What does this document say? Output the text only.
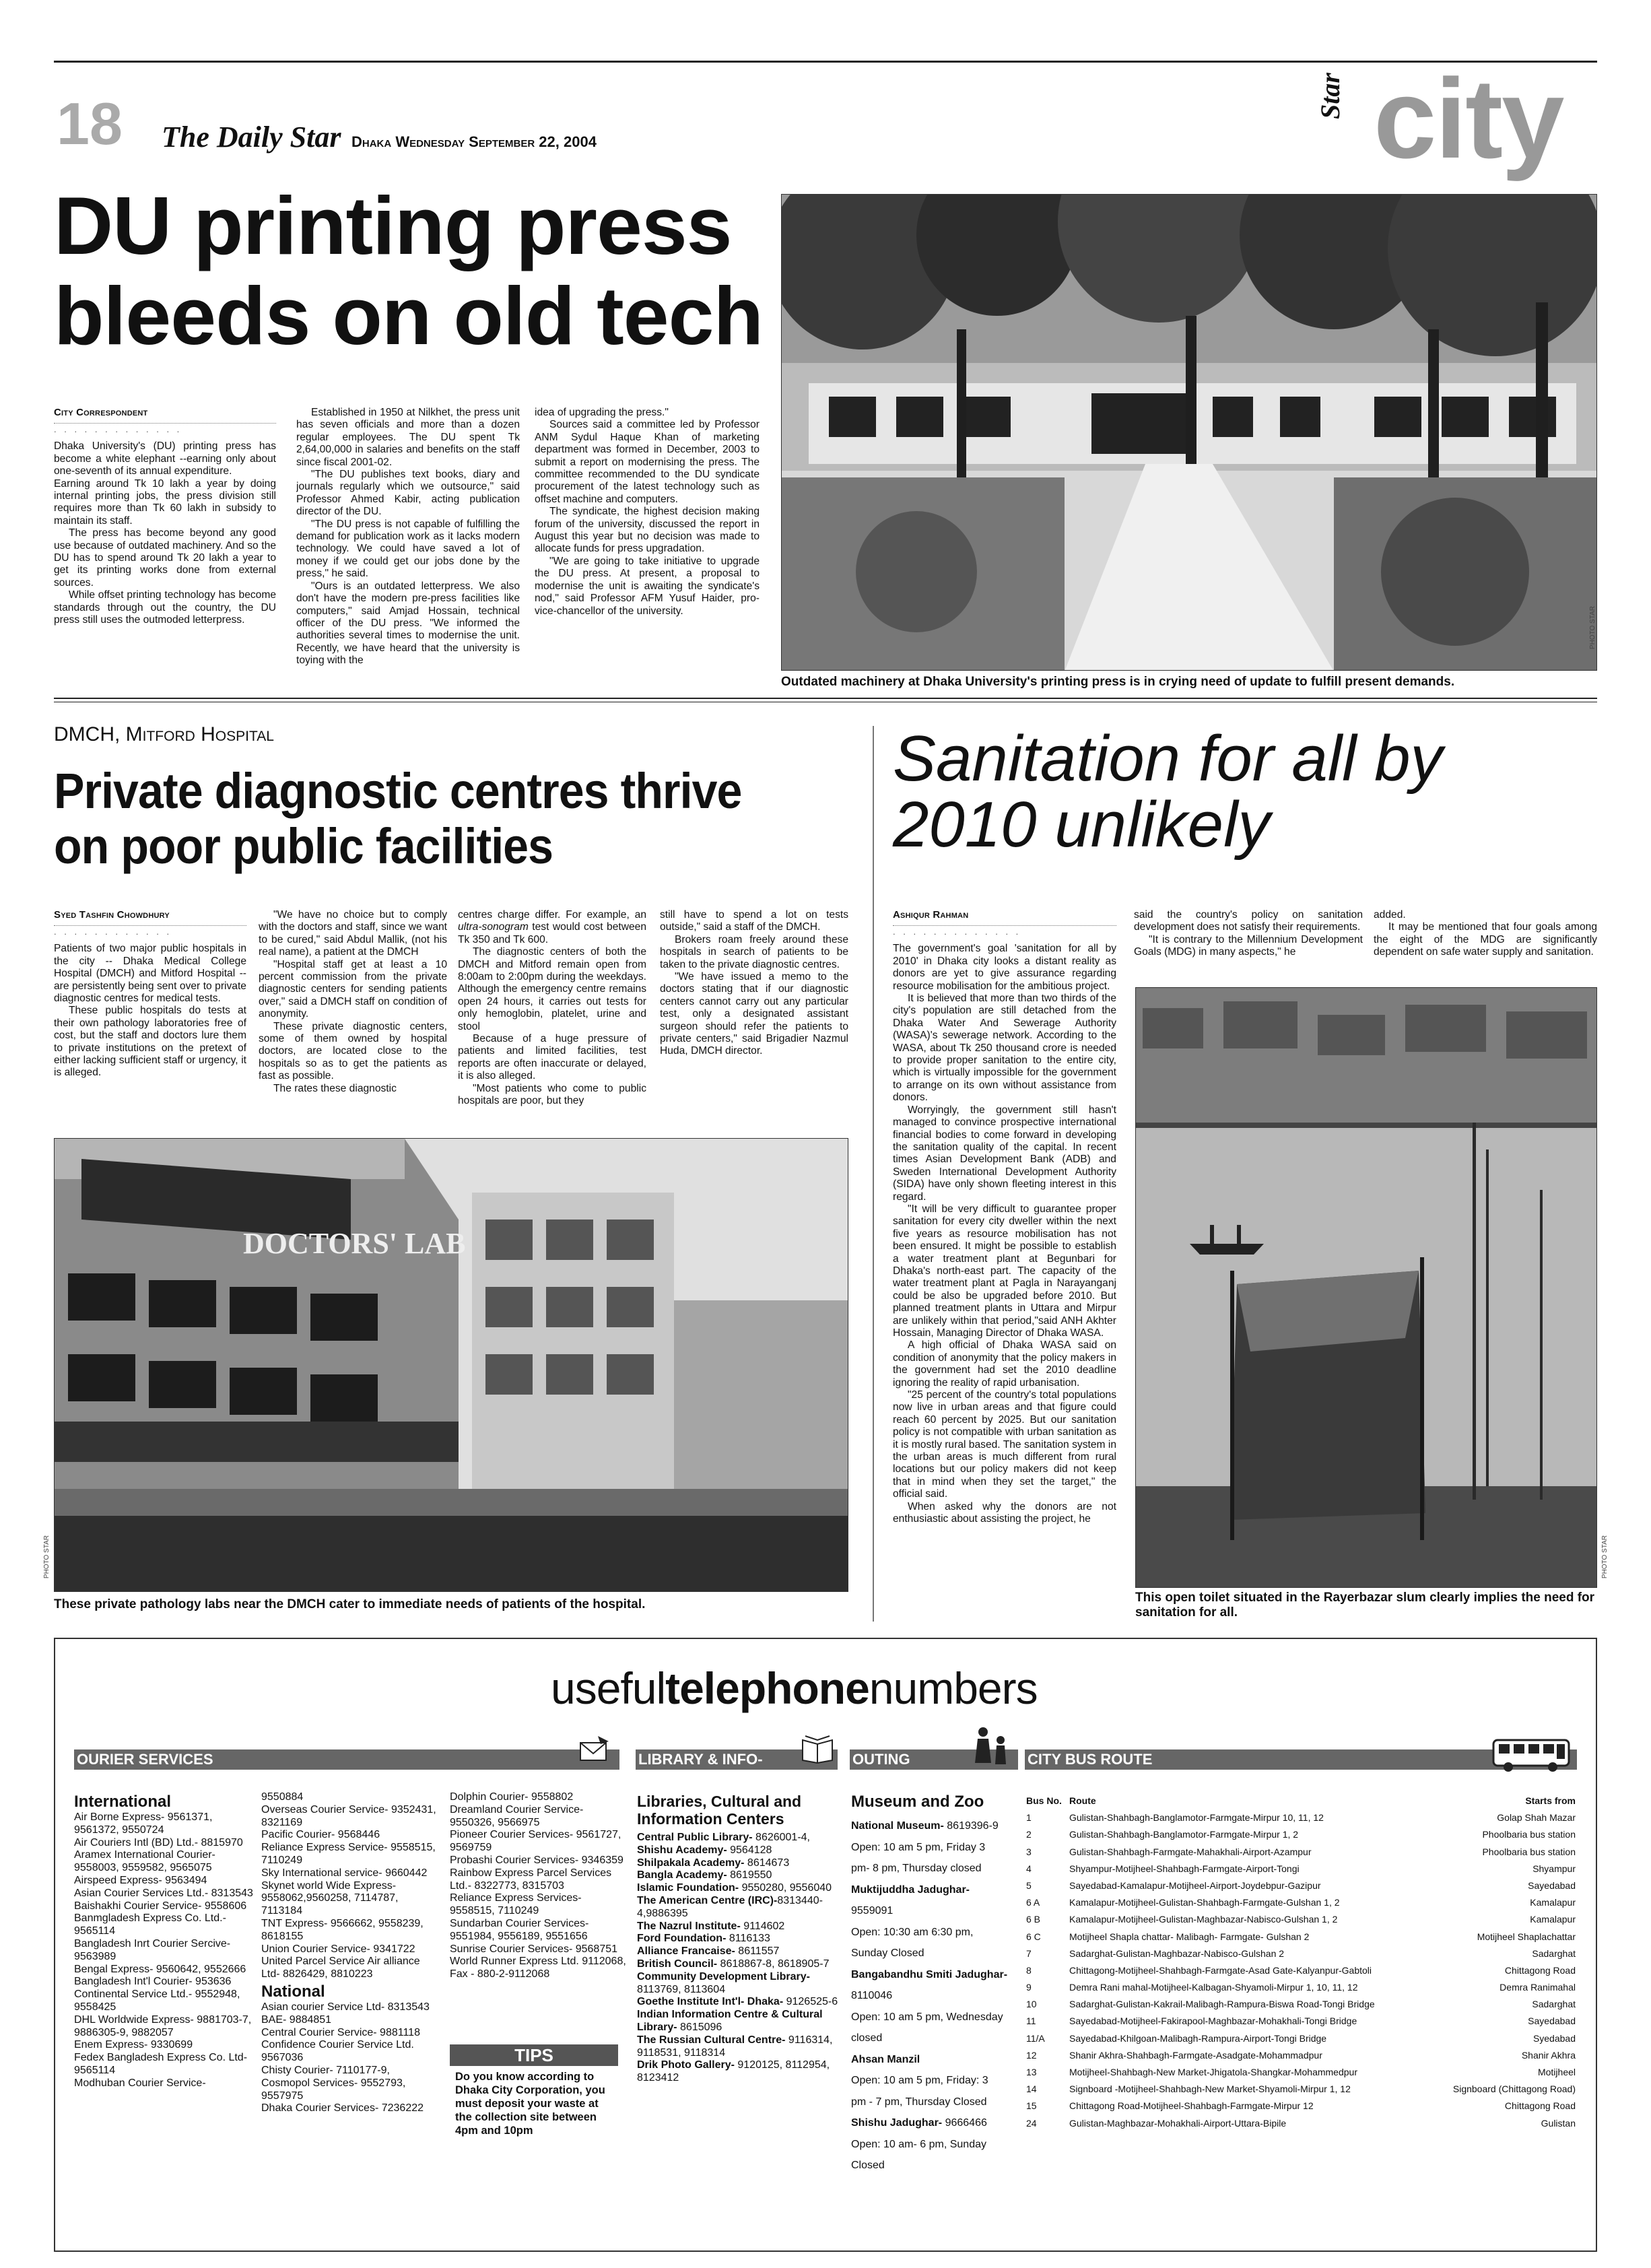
18 The Daily Star Dhaka Wednesday September 22, 2004
Star city
DU printing press
bleeds on old tech
City Correspondent
. . . . . . . . . . . . .

Dhaka University's (DU) printing press has become a white elephant --earning only about one-seventh of its annual expenditure.

Earning around Tk 10 lakh a year by doing internal printing jobs, the press division still requires more than Tk 60 lakh in subsidy to maintain its staff.

The press has become beyond any good use because of outdated machinery. And so the DU has to spend around Tk 20 lakh a year to get its printing works done from external sources.

While offset printing technology has become standards through out the country, the DU press still uses the outmoded letterpress.

Established in 1950 at Nilkhet, the press unit has seven officials and more than a dozen regular employees. The DU spent Tk 2,64,00,000 in salaries and benefits on the staff since fiscal 2001-02.

"The DU publishes text books, diary and journals regularly which we outsource," said Professor Ahmed Kabir, acting publication director of the DU.

"The DU press is not capable of fulfilling the demand for publication work as it lacks modern technology. We could have saved a lot of money if we could get our jobs done by the press," he said.

"Ours is an outdated letterpress. We also don't have the modern pre-press facilities like computers," said Amjad Hossain, technical officer of the DU press. "We informed the authorities several times to modernise the unit. Recently, we have heard that the university is toying with the

idea of upgrading the press."

Sources said a committee led by Professor ANM Sydul Haque Khan of marketing department was formed in December, 2003 to submit a report on modernising the press. The committee recommended to the DU syndicate procurement of the latest technology such as offset machine and computers.

The syndicate, the highest decision making forum of the university, discussed the report in August this year but no decision was made to allocate funds for press upgradation.

"We are going to take initiative to upgrade the DU press. At present, a proposal to modernise the unit is awaiting the syndicate's nod," said Professor AFM Yusuf Haider, pro-vice-chancellor of the university.	PHOTO STAR
Outdated machinery at Dhaka University's printing press is in crying need of update to fulfill present demands.
DMCH, Mitford Hospital
Private diagnostic centres thrive
on poor public facilities
Syed Tashfin Chowdhury
. . . . . . . . . . . .

Patients of two major public hospitals in the city -- Dhaka Medical College Hospital (DMCH) and Mitford Hospital -- are persistently being sent over to private diagnostic centres for medical tests.

These public hospitals do tests at their own pathology laboratories free of cost, but the staff and doctors lure them to private institutions on the pretext of either lacking sufficient staff or urgency, it is alleged.

"We have no choice but to comply with the doctors and staff, since we want to be cured," said Abdul Mallik, (not his real name), a patient at the DMCH

"Hospital staff get at least a 10 percent commission from the private diagnostic centers for sending patients over," said a DMCH staff on condition of anonymity.

These private diagnostic centers, some of them owned by hospital doctors, are located close to the hospitals so as to get the patients as fast as possible.

The rates these diagnostic

centres charge differ. For example, an ultra-sonogram test would cost between Tk 350 and Tk 600.

The diagnostic centers of both the DMCH and Mitford remain open from 8:00am to 2:00pm during the weekdays. Although the emergency centre remains open 24 hours, it carries out tests for only hemoglobin, platelet, urine and stool

Because of a huge pressure of patients and limited facilities, test reports are often inaccurate or delayed, it is also alleged.

"Most patients who come to public hospitals are poor, but they

still have to spend a lot on tests outside," said a staff of the DMCH.

Brokers roam freely around these hospitals in search of patients to be taken to the private diagnostic centres.

"We have issued a memo to the doctors stating that if our diagnostic centers cannot carry out any particular test, only a designated assistant surgeon should refer the patients to private centers," said Brigadier Nazmul Huda, DMCH director.

DOCTORS' LAB
PHOTO STAR
These private pathology labs near the DMCH cater to immediate needs of patients of the hospital.
Sanitation for all by
2010 unlikely
Ashiqur Rahman
. . . . . . . . . . . . .

The government's goal 'sanitation for all by 2010' in Dhaka city looks a distant reality as donors are yet to give assurance regarding resource mobilisation for the ambitious project.

It is believed that more than two thirds of the city's population are still detached from the Dhaka Water And Sewerage Authority (WASA)'s sewerage network. According to the WASA, about Tk 250 thousand crore is needed to provide proper sanitation to the entire city, which is virtually impossible for the government to arrange on its own without assistance from donors.

Worryingly, the government still hasn't managed to convince prospective international financial bodies to come forward in developing the sanitation quality of the capital. In recent times Asian Development Bank (ADB) and Sweden International Development Authority (SIDA) have only shown fleeting interest in this regard.

"It will be very difficult to guarantee proper sanitation for every city dweller within the next five years as resource mobilisation has not been ensured. It might be possible to establish a water treatment plant at Begunbari for Dhaka's north-east part. The capacity of the water treatment plant at Pagla in Narayanganj could be also be upgraded before 2010. But planned treatment plants in Uttara and Mirpur are unlikely within that period,"said ANH Akhter Hossain, Managing Director of Dhaka WASA.

A high official of Dhaka WASA said on condition of anonymity that the policy makers in the government had set the 2010 deadline ignoring the reality of rapid urbanisation.

"25 percent of the country's total populations now live in urban areas and that figure could reach 60 percent by 2025. But our sanitation policy is not compatible with urban sanitation as it is mostly rural based. The sanitation system in the urban areas is much different from rural locations but our policy makers did not keep that in mind when they set the target," the official said.

When asked why the donors are not enthusiastic about assisting the project, he

said the country's policy on sanitation development does not satisfy their requirements.

"It is contrary to the Millennium Development Goals (MDG) in many aspects," he

added.

It may be mentioned that four goals among the eight of the MDG are significantly dependent on safe water supply and sanitation.

PHOTO STAR
This open toilet situated in the Rayerbazar slum clearly implies the need for sanitation for all.
usefultelephonenumbers
OURIER SERVICES	LIBRARY & INFO-	OUTING	CITY BUS ROUTE
International
Air Borne Express- 9561371, 9561372, 9550724
Air Couriers Intl (BD) Ltd.- 8815970
Aramex International Courier- 9558003, 9559582, 9565075
Airspeed Express- 9563494
Asian Courier Services Ltd.- 8313543
Baishakhi Courier Service- 9558606
Banmgladesh Express Co. Ltd.- 9565114
Bangladesh Inrt Courier Sercive- 9563989
Bengal Express- 9560642, 9552666
Bangladesh Int'l Courier- 953636
Continental Service Ltd.- 9552948, 9558425
DHL Worldwide Express- 9881703-7, 9886305-9, 9882057
Enem Express- 9330699
Fedex Bangladesh Express Co. Ltd- 9565114
Modhuban Courier Service-
9550884
Overseas Courier Service- 9352431, 8321169
Pacific Courier- 9568446
Reliance Express Service- 9558515, 7110249
Sky International service- 9660442
Skynet world Wide Express- 9558062,9560258, 7114787, 7113184
TNT Express- 9566662, 9558239, 8618155
Union Courier Service- 9341722
United Parcel Service Air alliance Ltd- 8826429, 8810223
National
Asian courier Service Ltd- 8313543
BAE- 9884851
Central Courier Service- 9881118
Confidence Courier Service Ltd. 9567036
Chisty Courier- 7110177-9,
Cosmopol Services- 9552793, 9557975
Dhaka Courier Services- 7236222
Dolphin Courier- 9558802
Dreamland Courier Service- 9550326, 9566975
Pioneer Courier Services- 9561727, 9569759
Probashi Courier Services- 9346359
Rainbow Express Parcel Services Ltd.- 8322773, 8315703
Reliance Express Services- 9558515, 7110249
Sundarban Courier Services- 9551984, 9556189, 9551656
Sunrise Courier Services- 9568751
World Runner Express Ltd. 9112068, Fax - 880-2-9112068
TIPS
Do you know according to Dhaka City Corporation, you must deposit your waste at the collection site between 4pm and 10pm
Libraries, Cultural and Information Centers
Central Public Library- 8626001-4,
Shishu Academy- 9564128
Shilpakala Academy- 8614673
Bangla Academy- 8619550
Islamic Foundation- 9550280, 9556040
The American Centre (IRC)-8313440-4,9886395
The Nazrul Institute- 9114602
Ford Foundation- 8116133
Alliance Francaise- 8611557
British Council- 8618867-8, 8618905-7
Community Development Library- 8113769, 8113604
Goethe Institute Int'l- Dhaka- 9126525-6
Indian Information Centre & Cultural Library- 8615096
The Russian Cultural Centre- 9116314, 9118531, 9118314
Drik Photo Gallery- 9120125, 8112954, 8123412
Museum and Zoo
National Museum- 8619396-9
Open: 10 am 5 pm, Friday 3
pm- 8 pm, Thursday closed
Muktijuddha Jadughar-
9559091
Open: 10:30 am 6:30 pm,
Sunday Closed
Bangabandhu Smiti Jadughar-
8110046
Open: 10 am 5 pm, Wednesday
closed
Ahsan Manzil
Open: 10 am 5 pm, Friday: 3
pm - 7 pm, Thursday Closed
Shishu Jadughar- 9666466
Open: 10 am- 6 pm, Sunday
Closed
Bus No. Route	Starts from
1	Gulistan-Shahbagh-Banglamotor-Farmgate-Mirpur 10, 11, 12	Golap Shah Mazar
2	Gulistan-Shahbagh-Banglamotor-Farmgate-Mirpur 1, 2	Phoolbaria bus station
3	Gulistan-Shahbagh-Farmgate-Mahakhali-Airport-Azampur	Phoolbaria bus station
4	Shyampur-Motijheel-Shahbagh-Farmgate-Airport-Tongi	Shyampur
5	Sayedabad-Kamalapur-Motijheel-Airport-Joydebpur-Gazipur	Sayedabad
6 A	Kamalapur-Motijheel-Gulistan-Shahbagh-Farmgate-Gulshan 1, 2	Kamalapur
6 B	Kamalapur-Motijheel-Gulistan-Maghbazar-Nabisco-Gulshan 1, 2	Kamalapur
6 C	Motijheel Shapla chattar- Malibagh- Farmgate- Gulshan 2	Motijheel Shaplachattar
7	Sadarghat-Gulistan-Maghbazar-Nabisco-Gulshan 2	Sadarghat
8	Chittagong-Motijheel-Shahbagh-Farmgate-Asad Gate-Kalyanpur-Gabtoli	Chittagong Road
9	Demra Rani mahal-Motijheel-Kalbagan-Shyamoli-Mirpur 1, 10, 11, 12	Demra Ranimahal
10	Sadarghat-Gulistan-Kakrail-Malibagh-Rampura-Biswa Road-Tongi Bridge	Sadarghat
11	Sayedabad-Motijheel-Fakirapool-Maghbazar-Mohakhali-Tongi Bridge	Sayedabad
11/A	Sayedabad-Khilgoan-Malibagh-Rampura-Airport-Tongi Bridge	Syedabad
12	Shanir Akhra-Shahbagh-Farmgate-Asadgate-Mohammadpur	Shanir Akhra
13	Motijheel-Shahbagh-New Market-Jhigatola-Shangkar-Mohammedpur	Motijheel
14	Signboard -Motijheel-Shahbagh-New Market-Shyamoli-Mirpur 1, 12	Signboard (Chittagong Road)
15	Chittagong Road-Motijheel-Shahbagh-Farmgate-Mirpur 12	Chittagong Road
24	Gulistan-Maghbazar-Mohakhali-Airport-Uttara-Bipile	Gulistan
